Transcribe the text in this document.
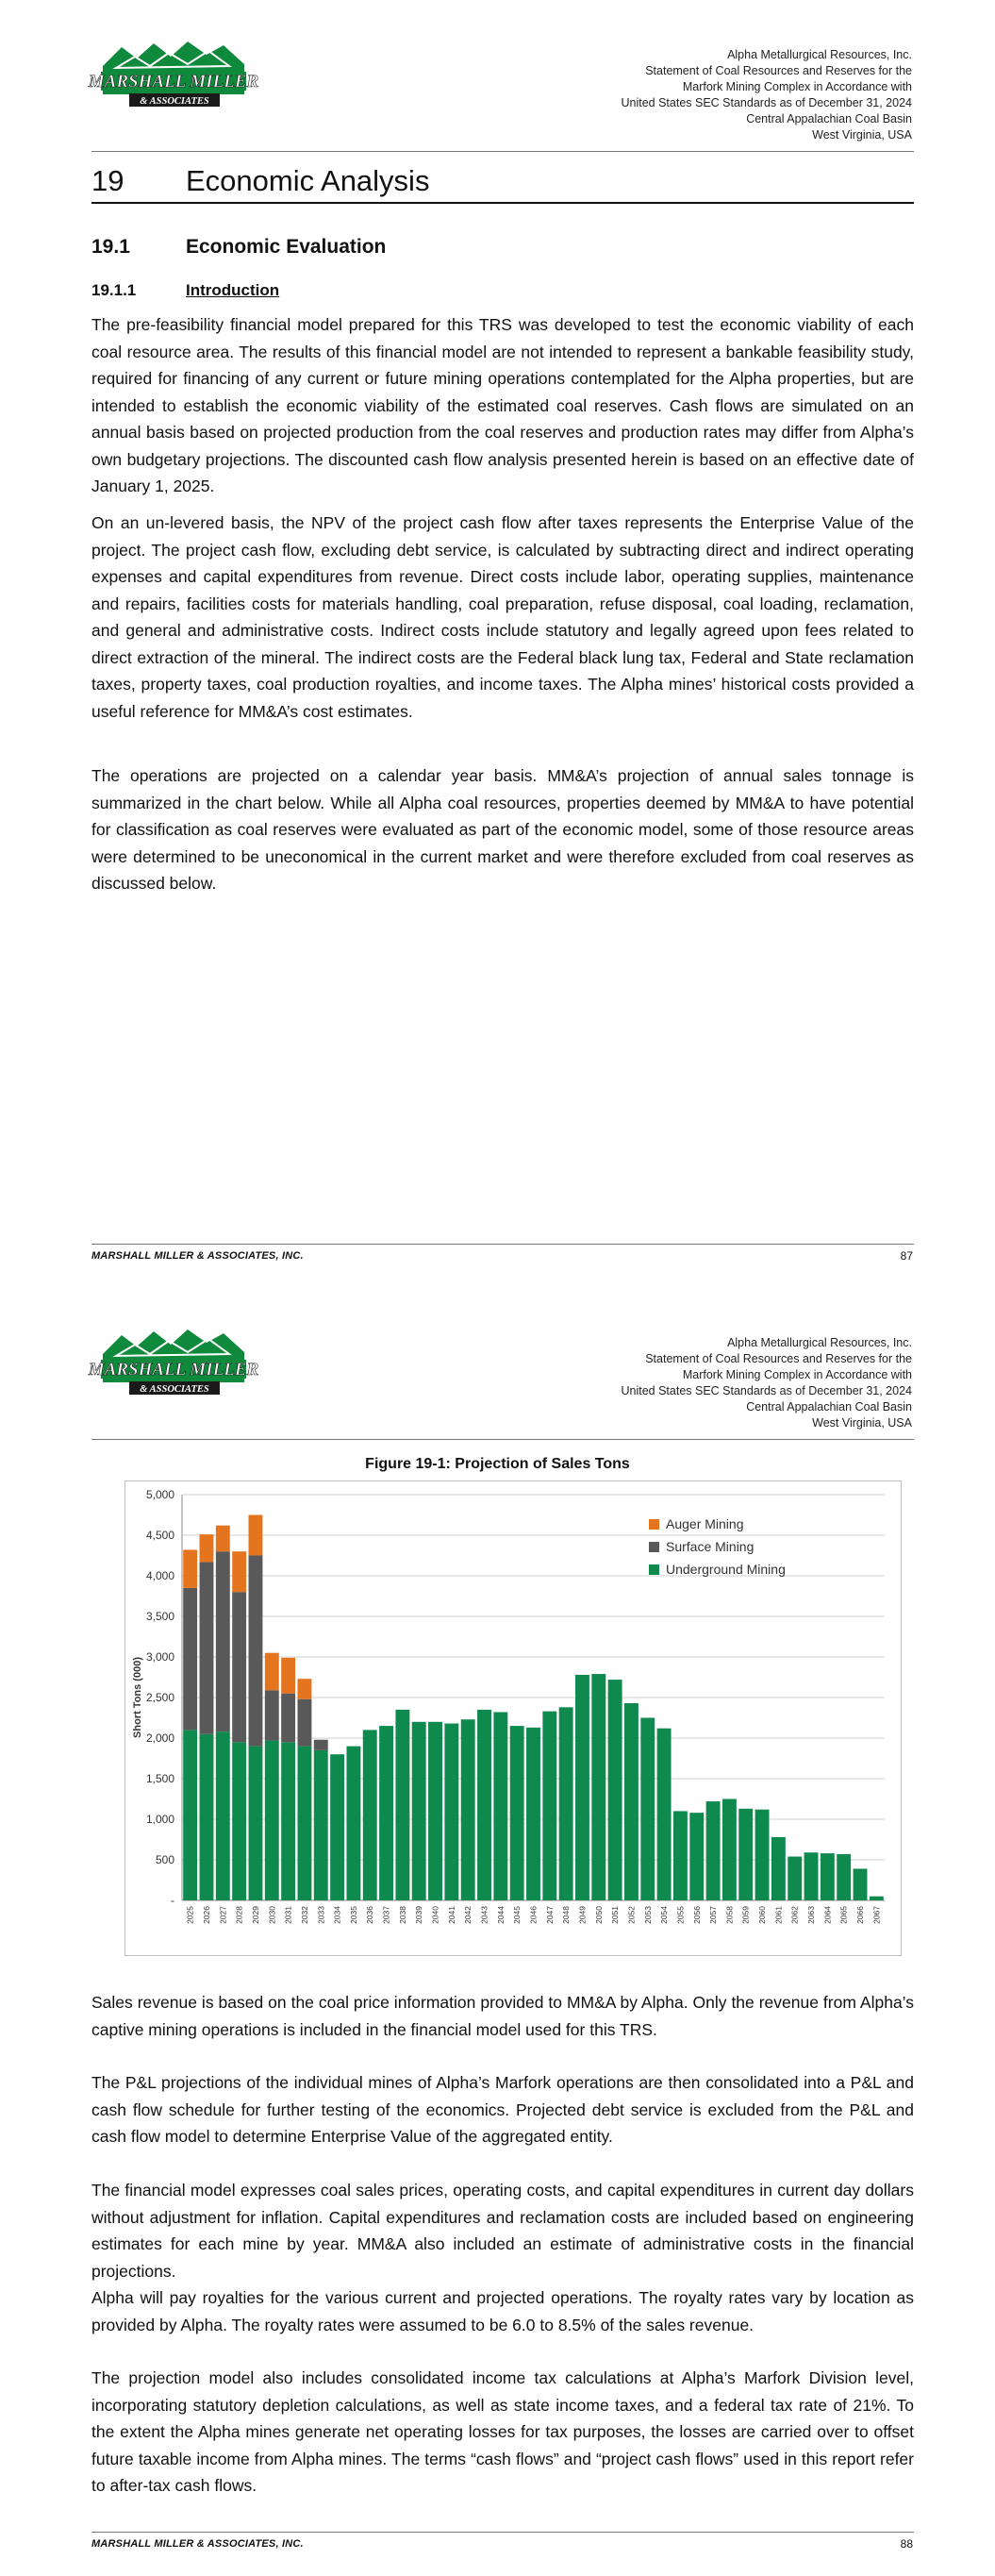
MARSHALL MILLER
& ASSOCIATES
Alpha Metallurgical Resources, Inc.
Statement of Coal Resources and Reserves for the
Marfork Mining Complex in Accordance with
United States SEC Standards as of December 31, 2024
Central Appalachian Coal Basin
West Virginia, USA
19 Economic Analysis
19.1	Economic Evaluation
19.1.1	Introduction

The pre-feasibility financial model prepared for this TRS was developed to test the economic viability of each coal resource area. The results of this financial model are not intended to represent a bankable feasibility study, required for financing of any current or future mining operations contemplated for the Alpha properties, but are intended to establish the economic viability of the estimated coal reserves. Cash flows are simulated on an annual basis based on projected production from the coal reserves and production rates may differ from Alpha’s own budgetary projections. The discounted cash flow analysis presented herein is based on an effective date of January 1, 2025.

On an un-levered basis, the NPV of the project cash flow after taxes represents the Enterprise Value of the project. The project cash flow, excluding debt service, is calculated by subtracting direct and indirect operating expenses and capital expenditures from revenue. Direct costs include labor, operating supplies, maintenance and repairs, facilities costs for materials handling, coal preparation, refuse disposal, coal loading, reclamation, and general and administrative costs. Indirect costs include statutory and legally agreed upon fees related to direct extraction of the mineral. The indirect costs are the Federal black lung tax, Federal and State reclamation taxes, property taxes, coal production royalties, and income taxes. The Alpha mines’ historical costs provided a useful reference for MM&A’s cost estimates.

The operations are projected on a calendar year basis. MM&A’s projection of annual sales tonnage is summarized in the chart below. While all Alpha coal resources, properties deemed by MM&A to have potential for classification as coal reserves were evaluated as part of the economic model, some of those resource areas were determined to be uneconomical in the current market and were therefore excluded from coal reserves as discussed below.

MARSHALL MILLER & ASSOCIATES, INC.	87
MARSHALL MILLER
& ASSOCIATES
Alpha Metallurgical Resources, Inc.
Statement of Coal Resources and Reserves for the
Marfork Mining Complex in Accordance with
United States SEC Standards as of December 31, 2024
Central Appalachian Coal Basin
West Virginia, USA
Figure 19-1: Projection of Sales Tons
-
500
1,000
1,500
2,000
2,500
3,000
3,500
4,000
4,500
5,000
Short Tons (000)
2025 2026 2027 2028 2029 2030 2031 2032 2033 2034 2035 2036 2037 2038 2039 2040 2041 2042 2043 2044 2045 2046 2047 2048 2049 2050 2051 2052 2053 2054 2055 2056 2057 2058 2059 2060 2061 2062 2063 2064 2065 2066 2067
Auger Mining
Surface Mining
Underground Mining

Sales revenue is based on the coal price information provided to MM&A by Alpha. Only the revenue from Alpha’s captive mining operations is included in the financial model used for this TRS.

The P&L projections of the individual mines of Alpha’s Marfork operations are then consolidated into a P&L and cash flow schedule for further testing of the economics. Projected debt service is excluded from the P&L and cash flow model to determine Enterprise Value of the aggregated entity.

The financial model expresses coal sales prices, operating costs, and capital expenditures in current day dollars without adjustment for inflation. Capital expenditures and reclamation costs are included based on engineering estimates for each mine by year. MM&A also included an estimate of administrative costs in the financial projections.

Alpha will pay royalties for the various current and projected operations. The royalty rates vary by location as provided by Alpha. The royalty rates were assumed to be 6.0 to 8.5% of the sales revenue.

The projection model also includes consolidated income tax calculations at Alpha’s Marfork Division level, incorporating statutory depletion calculations, as well as state income taxes, and a federal tax rate of 21%. To the extent the Alpha mines generate net operating losses for tax purposes, the losses are carried over to offset future taxable income from Alpha mines. The terms “cash flows” and “project cash flows” used in this report refer to after-tax cash flows.

MARSHALL MILLER & ASSOCIATES, INC.	88
